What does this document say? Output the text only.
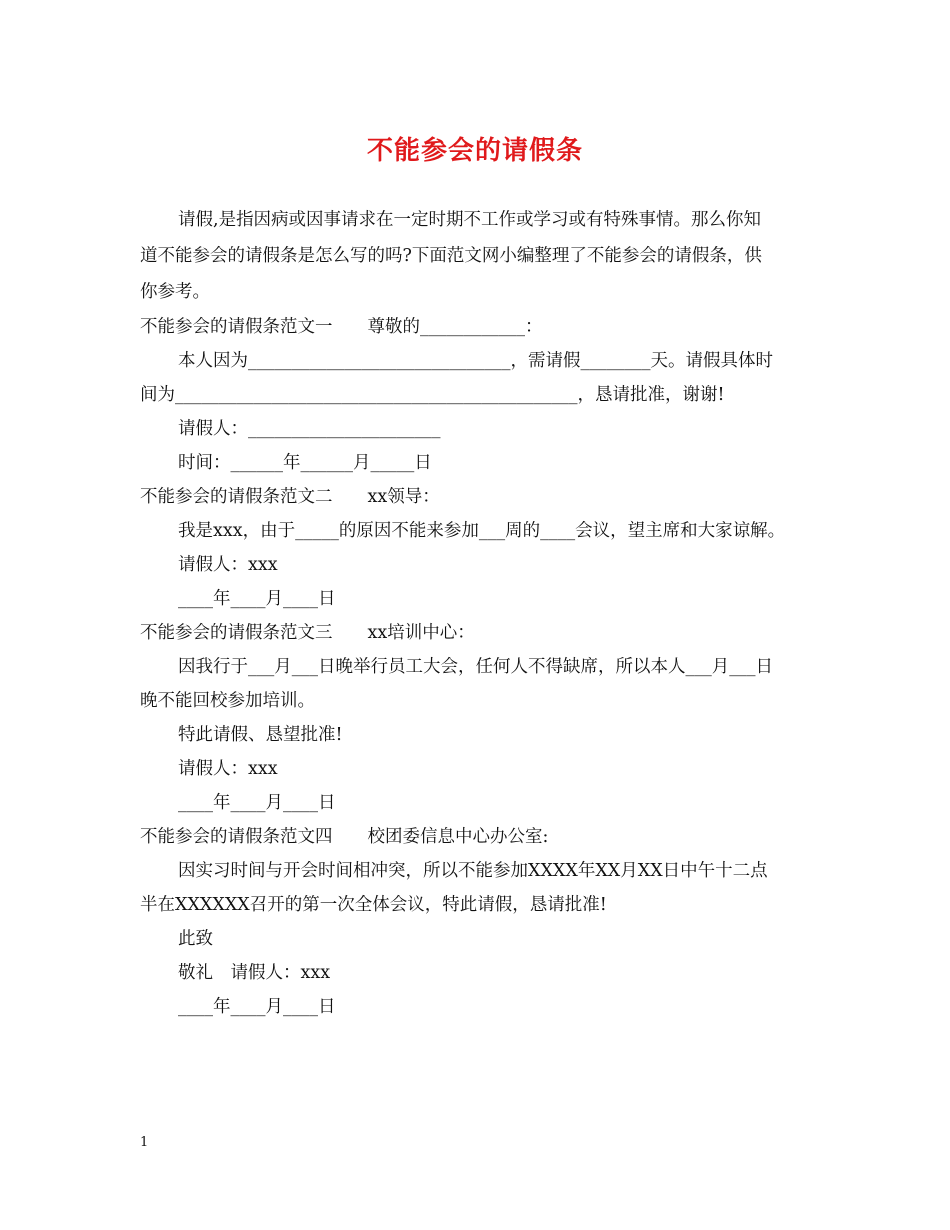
不能参会的请假条
请假,是指因病或因事请求在一定时期不工作或学习或有特殊事情。那么你知
道不能参会的请假条是怎么写的吗?下面范文网小编整理了不能参会的请假条，供
你参考。
不能参会的请假条范文一　　尊敬的____________：
本人因为______________________________，需请假________天。请假具体时
间为______________________________________________，恳请批准，谢谢!
请假人：______________________
时间：______年______月_____日
不能参会的请假条范文二　　xx领导：
我是xxx，由于_____的原因不能来参加___周的____会议，望主席和大家谅解。
请假人：xxx
____年____月____日
不能参会的请假条范文三　　xx培训中心：
因我行于___月___日晚举行员工大会，任何人不得缺席，所以本人___月___日
晚不能回校参加培训。
特此请假、恳望批准!
请假人：xxx
____年____月____日
不能参会的请假条范文四　　校团委信息中心办公室:
因实习时间与开会时间相冲突，所以不能参加XXXX年XX月XX日中午十二点
半在XXXXXX召开的第一次全体会议，特此请假，恳请批准!
此致
敬礼　请假人：xxx
____年____月____日
1
